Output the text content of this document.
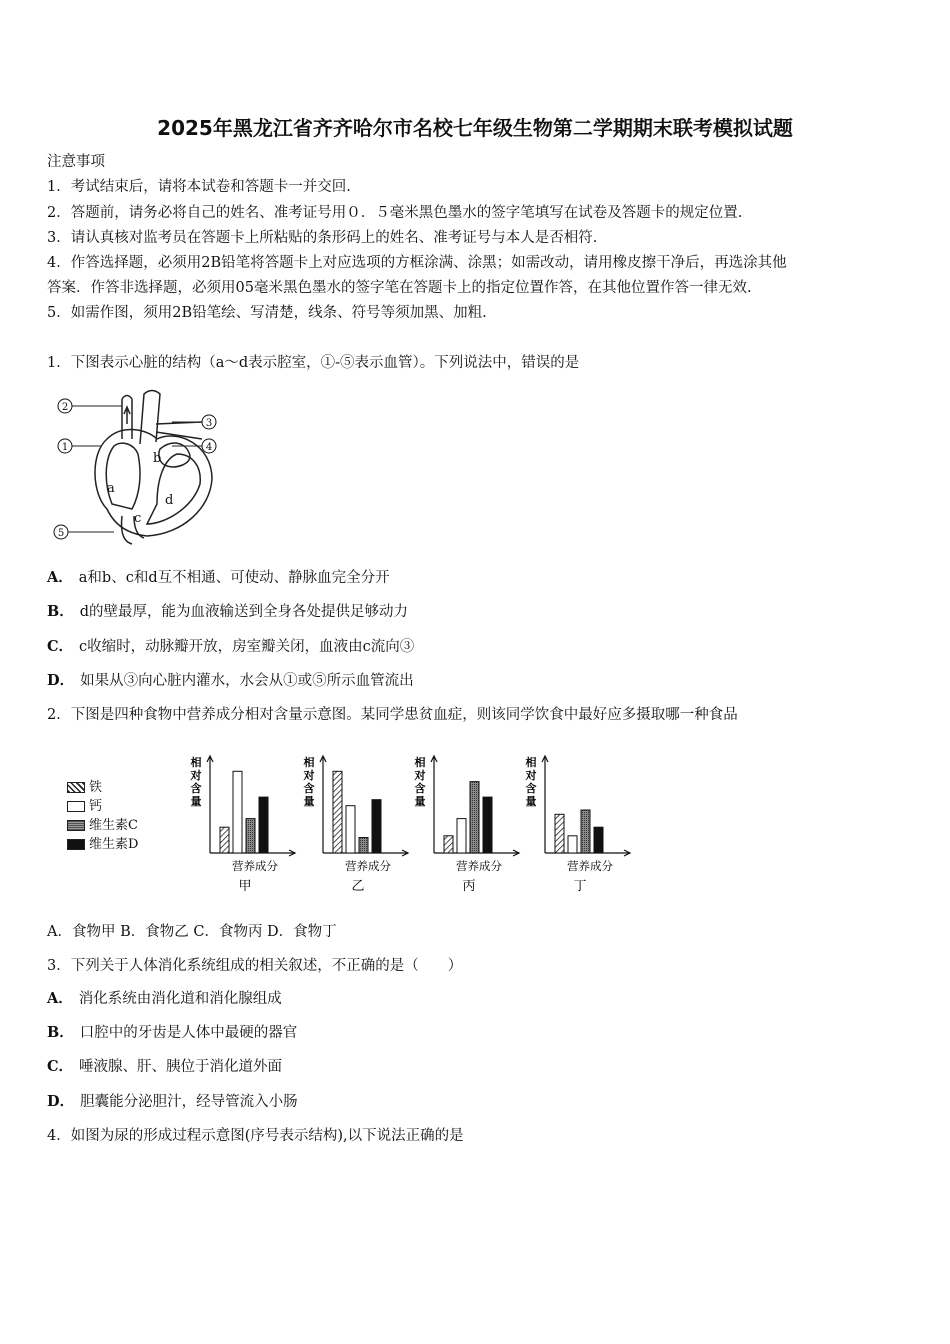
2025年黑龙江省齐齐哈尔市名校七年级生物第二学期期末联考模拟试题
注意事项
1．考试结束后，请将本试卷和答题卡一并交回.
2．答题前，请务必将自己的姓名、准考证号用０．５毫米黑色墨水的签字笔填写在试卷及答题卡的规定位置.
3．请认真核对监考员在答题卡上所粘贴的条形码上的姓名、准考证号与本人是否相符.
4．作答选择题，必须用2B铅笔将答题卡上对应选项的方框涂满、涂黑；如需改动，请用橡皮擦干净后，再选涂其他
答案．作答非选择题，必须用05毫米黑色墨水的签字笔在答题卡上的指定位置作答，在其他位置作答一律无效.
5．如需作图，须用2B铅笔绘、写清楚，线条、符号等须加黑、加粗.
1．下图表示心脏的结构（a～d表示腔室，①-⑤表示血管）。下列说法中，错误的是
2
1
3
4
5
a
b
c
d
A． a和b、c和d互不相通、可使动、静脉血完全分开
B． d的壁最厚，能为血液输送到全身各处提供足够动力
C． c收缩时，动脉瓣开放，房室瓣关闭，血液由c流向③
D． 如果从③向心脏内灌水，水会从①或⑤所示血管流出
2．下图是四种食物中营养成分相对含量示意图。某同学患贫血症，则该同学饮食中最好应多摄取哪一种食品
铁
钙
维生素C
维生素D
相
对
含
量
营养成分
甲
相
对
含
量
营养成分
乙
相
对
含
量
营养成分
丙
相
对
含
量
营养成分
丁
A．食物甲 B．食物乙 C．食物丙 D．食物丁
3．下列关于人体消化系统组成的相关叙述，不正确的是（　　）
A． 消化系统由消化道和消化腺组成
B． 口腔中的牙齿是人体中最硬的器官
C． 唾液腺、肝、胰位于消化道外面
D． 胆囊能分泌胆汁，经导管流入小肠
4．如图为尿的形成过程示意图(序号表示结构),以下说法正确的是
